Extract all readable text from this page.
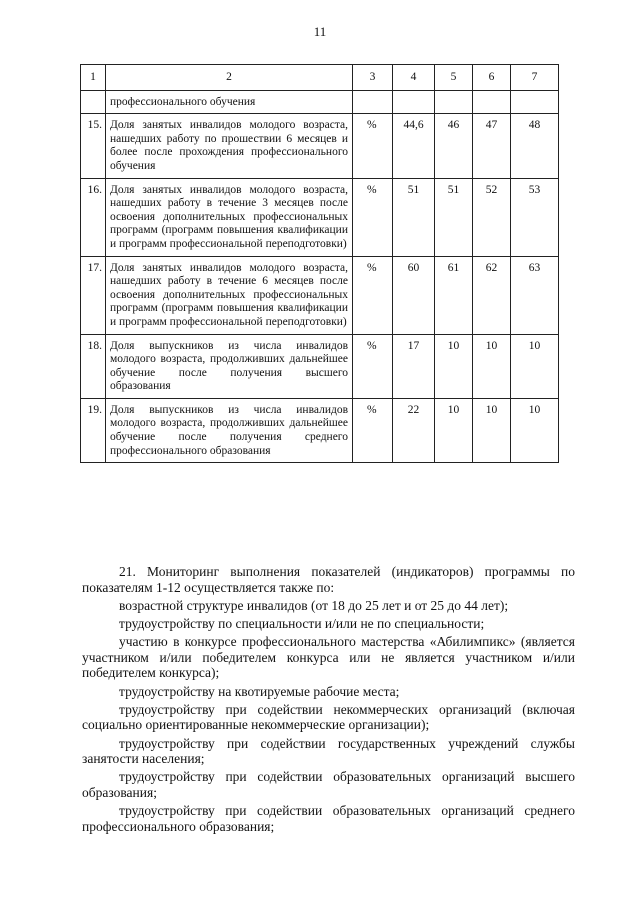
11
1	2	3	4	5	6	7
	профессионального обучения					
15.	Доля занятых инвалидов молодого возраста, нашедших работу по прошествии 6 месяцев и более после прохождения профессионального обучения	%	44,6	46	47	48
16.	Доля занятых инвалидов молодого возраста, нашедших работу в течение 3 месяцев после освоения дополнительных профессиональных программ (программ повышения квалификации и программ профессиональной переподготовки)	%	51	51	52	53
17.	Доля занятых инвалидов молодого возраста, нашедших работу в течение 6 месяцев после освоения дополнительных профессиональных программ (программ повышения квалификации и программ профессиональной переподготовки)	%	60	61	62	63
18.	Доля выпускников из числа инвалидов молодого возраста, продолживших дальнейшее обучение после получения высшего образования	%	17	10	10	10
19.	Доля выпускников из числа инвалидов молодого возраста, продолживших дальнейшее обучение после получения среднего профессионального образования	%	22	10	10	10

21. Мониторинг выполнения показателей (индикаторов) программы по показателям 1-12 осуществляется также по:

возрастной структуре инвалидов (от 18 до 25 лет и от 25 до 44 лет);

трудоустройству по специальности и/или не по специальности;

участию в конкурсе профессионального мастерства «Абилимпикс» (является участником и/или победителем конкурса или не является участником и/или победителем конкурса);

трудоустройству на квотируемые рабочие места;

трудоустройству при содействии некоммерческих организаций (включая социально ориентированные некоммерческие организации);

трудоустройству при содействии государственных учреждений службы занятости населения;

трудоустройству при содействии образовательных организаций высшего образования;

трудоустройству при содействии образовательных организаций среднего профессионального образования;
